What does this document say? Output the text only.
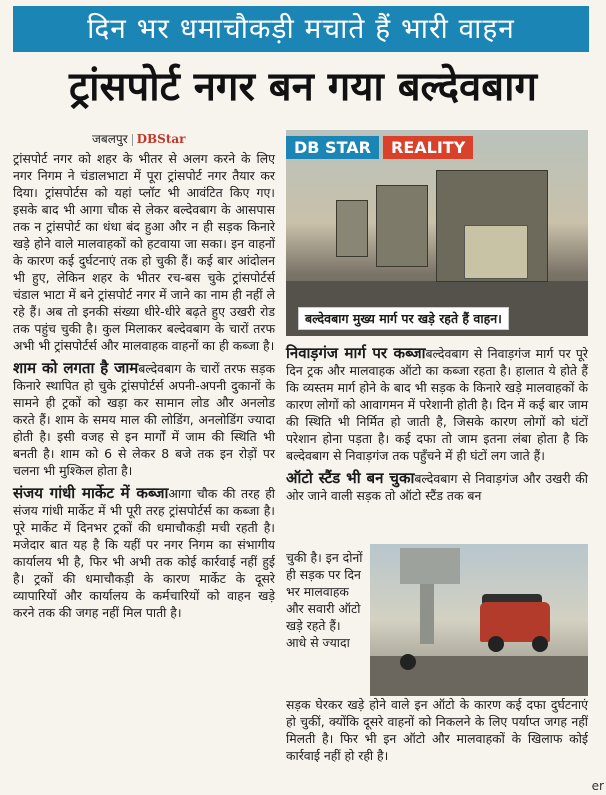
दिन भर धमाचौकड़ी मचाते हैं भारी वाहन
ट्रांसपोर्ट नगर बन गया बल्देवबाग
जबलपुर DBStar

ट्रांसपोर्ट नगर को शहर के भीतर से अलग करने के लिए नगर निगम ने चंडालभाटा में पूरा ट्रांसपोर्ट नगर तैयार कर दिया। ट्रांसपोर्टस को यहां प्लॉट भी आवंटित किए गए। इसके बाद भी आगा चौक से लेकर बल्देवबाग के आसपास तक न ट्रांसपोर्ट का धंधा बंद हुआ और न ही सड़क किनारे खड़े होने वाले मालवाहकों को हटवाया जा सका। इन वाहनों के कारण कई दुर्घटनाएं तक हो चुकी हैं। कई बार आंदोलन भी हुए, लेकिन शहर के भीतर रच-बस चुके ट्रांसपोर्टर्स चंडाल भाटा में बने ट्रांसपोर्ट नगर में जाने का नाम ही नहीं ले रहे हैं। अब तो इनकी संख्या धीरे-धीरे बढ़ते हुए उखरी रोड तक पहुंच चुकी है। कुल मिलाकर बल्देवबाग के चारों तरफ अभी भी ट्रांसपोर्टर्स और मालवाहक वाहनों का ही कब्जा है।

शाम को लगता है जामबल्देवबाग के चारों तरफ सड़क किनारे स्थापित हो चुके ट्रांसपोर्टर्स अपनी-अपनी दुकानों के सामने ही ट्रकों को खड़ा कर सामान लोड और अनलोड करते हैं। शाम के समय माल की लोडिंग, अनलोडिंग ज्यादा होती है। इसी वजह से इन मार्गों में जाम की स्थिति भी बनती है। शाम को 6 से लेकर 8 बजे तक इन रोड़ों पर चलना भी मुश्किल होता है।

संजय गांधी मार्केट में कब्जाआगा चौक की तरह ही संजय गांधी मार्केट में भी पूरी तरह ट्रांसपोर्टर्स का कब्जा है। पूरे मार्केट में दिनभर ट्रकों की धमाचौकड़ी मची रहती है। मजेदार बात यह है कि यहीं पर नगर निगम का संभागीय कार्यालय भी है, फिर भी अभी तक कोई कार्रवाई नहीं हुई है। ट्रकों की धमाचौकड़ी के कारण मार्केट के दूसरे व्यापारियों और कार्यालय के कर्मचारियों को वाहन खड़े करने तक की जगह नहीं मिल पाती है।

DB STAR	REALITY
बल्देवबाग मुख्य मार्ग पर खड़े रहते हैं वाहन।

निवाड़गंज मार्ग पर कब्जाबल्देवबाग से निवाड़गंज मार्ग पर पूरे दिन ट्रक और मालवाहक ऑटो का कब्जा रहता है। हालात ये होते हैं कि व्यस्तम मार्ग होने के बाद भी सड़क के किनारे खड़े मालवाहकों के कारण लोगों को आवागमन में परेशानी होती है। दिन में कई बार जाम की स्थिति भी निर्मित हो जाती है, जिसके कारण लोगों को घंटों परेशान होना पड़ता है। कई दफा तो जाम इतना लंबा होता है कि बल्देवबाग से निवाड़गंज तक पहुँचने में ही घंटों लग जाते हैं।

ऑटो स्टैंड भी बन चुकाबल्देवबाग से निवाड़गंज और उखरी की ओर जाने वाली सड़क तो ऑटो स्टैंड तक बन

चुकी है। इन दोनों ही सड़क पर दिन भर मालवाहक और सवारी ऑटो खड़े रहते हैं। आधे से ज्यादा
सड़क घेरकर खड़े होने वाले इन ऑटो के कारण कई दफा दुर्घटनाएं हो चुकीं, क्योंकि दूसरे वाहनों को निकलने के लिए पर्याप्त जगह नहीं मिलती है। फिर भी इन ऑटो और मालवाहकों के खिलाफ कोई कार्रवाई नहीं हो रही है।
er
